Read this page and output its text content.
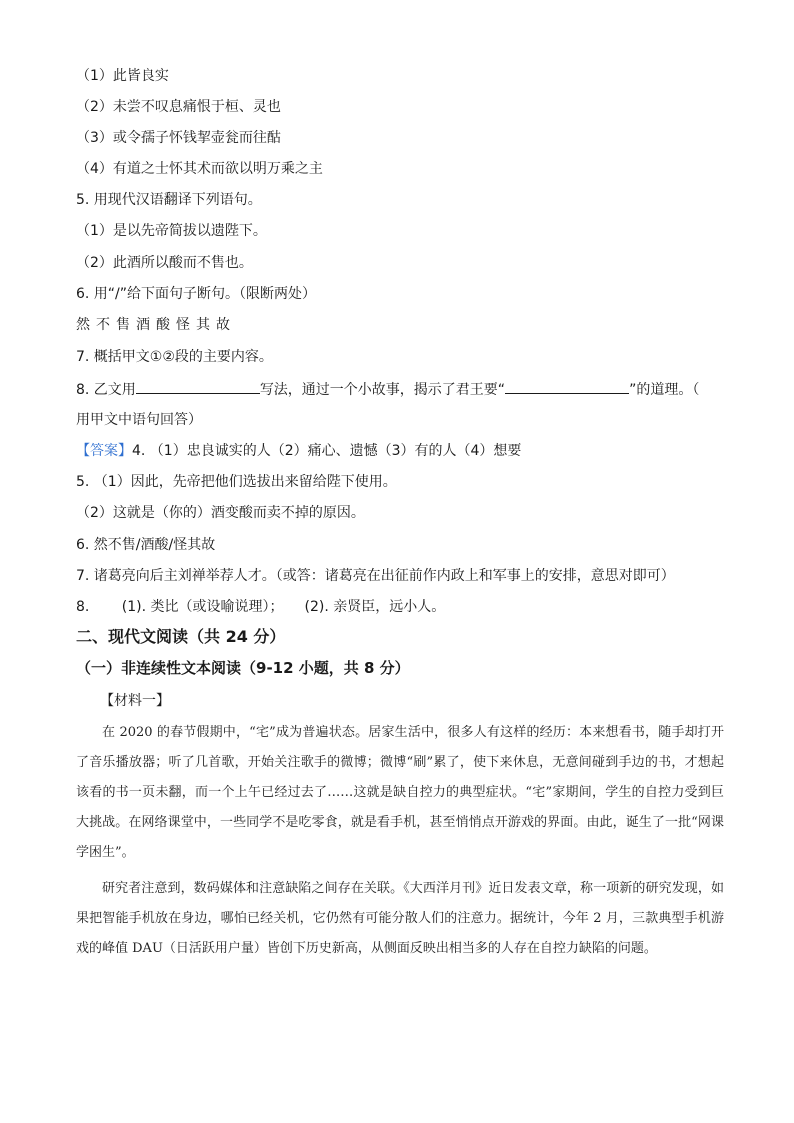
（1）此皆良实
（2）未尝不叹息痛恨于桓、灵也
（3）或令孺子怀钱挈壶瓮而往酤
（4）有道之士怀其术而欲以明万乘之主
5. 用现代汉语翻译下列语句。
（1）是以先帝简拔以遗陛下。
（2）此酒所以酸而不售也。
6. 用“/”给下面句子断句。（限断两处）
然不售酒酸怪其故
7. 概括甲文①②段的主要内容。
8. 乙文用	写法，通过一个小故事，揭示了君王要“	”的道理。（
用甲文中语句回答）
【答案】4. （1）忠良诚实的人（2）痛心、遗憾（3）有的人（4）想要
5. （1）因此，先帝把他们选拔出来留给陛下使用。
（2）这就是（你的）酒变酸而卖不掉的原因。
6. 然不售/酒酸/怪其故
7. 诸葛亮向后主刘禅举荐人才。（或答：诸葛亮在出征前作内政上和军事上的安排，意思对即可）
8.　　 (1). 类比（或设喻说理）；　　(2). 亲贤臣，远小人。
二、现代文阅读（共 24 分）
（一）非连续性文本阅读（9-12 小题，共 8 分）
【材料一】
在 2020 的春节假期中，“宅”成为普遍状态。居家生活中，很多人有这样的经历：本来想看书，随手却打开了音乐播放器；听了几首歌，开始关注歌手的微博；微博“刷”累了，使下来休息，无意间碰到手边的书，才想起该看的书一页未翻，而一个上午已经过去了……这就是缺自控力的典型症状。“宅”家期间，学生的自控力受到巨大挑战。在网络课堂中，一些同学不是吃零食，就是看手机，甚至悄悄点开游戏的界面。由此，诞生了一批“网课学困生”。
研究者注意到，数码媒体和注意缺陷之间存在关联。《大西洋月刊》近日发表文章，称一项新的研究发现，如果把智能手机放在身边，哪怕已经关机，它仍然有可能分散人们的注意力。据统计，今年 2 月，三款典型手机游戏的峰值 DAU（日活跃用户量）皆创下历史新高，从侧面反映出相当多的人存在自控力缺陷的问题。
